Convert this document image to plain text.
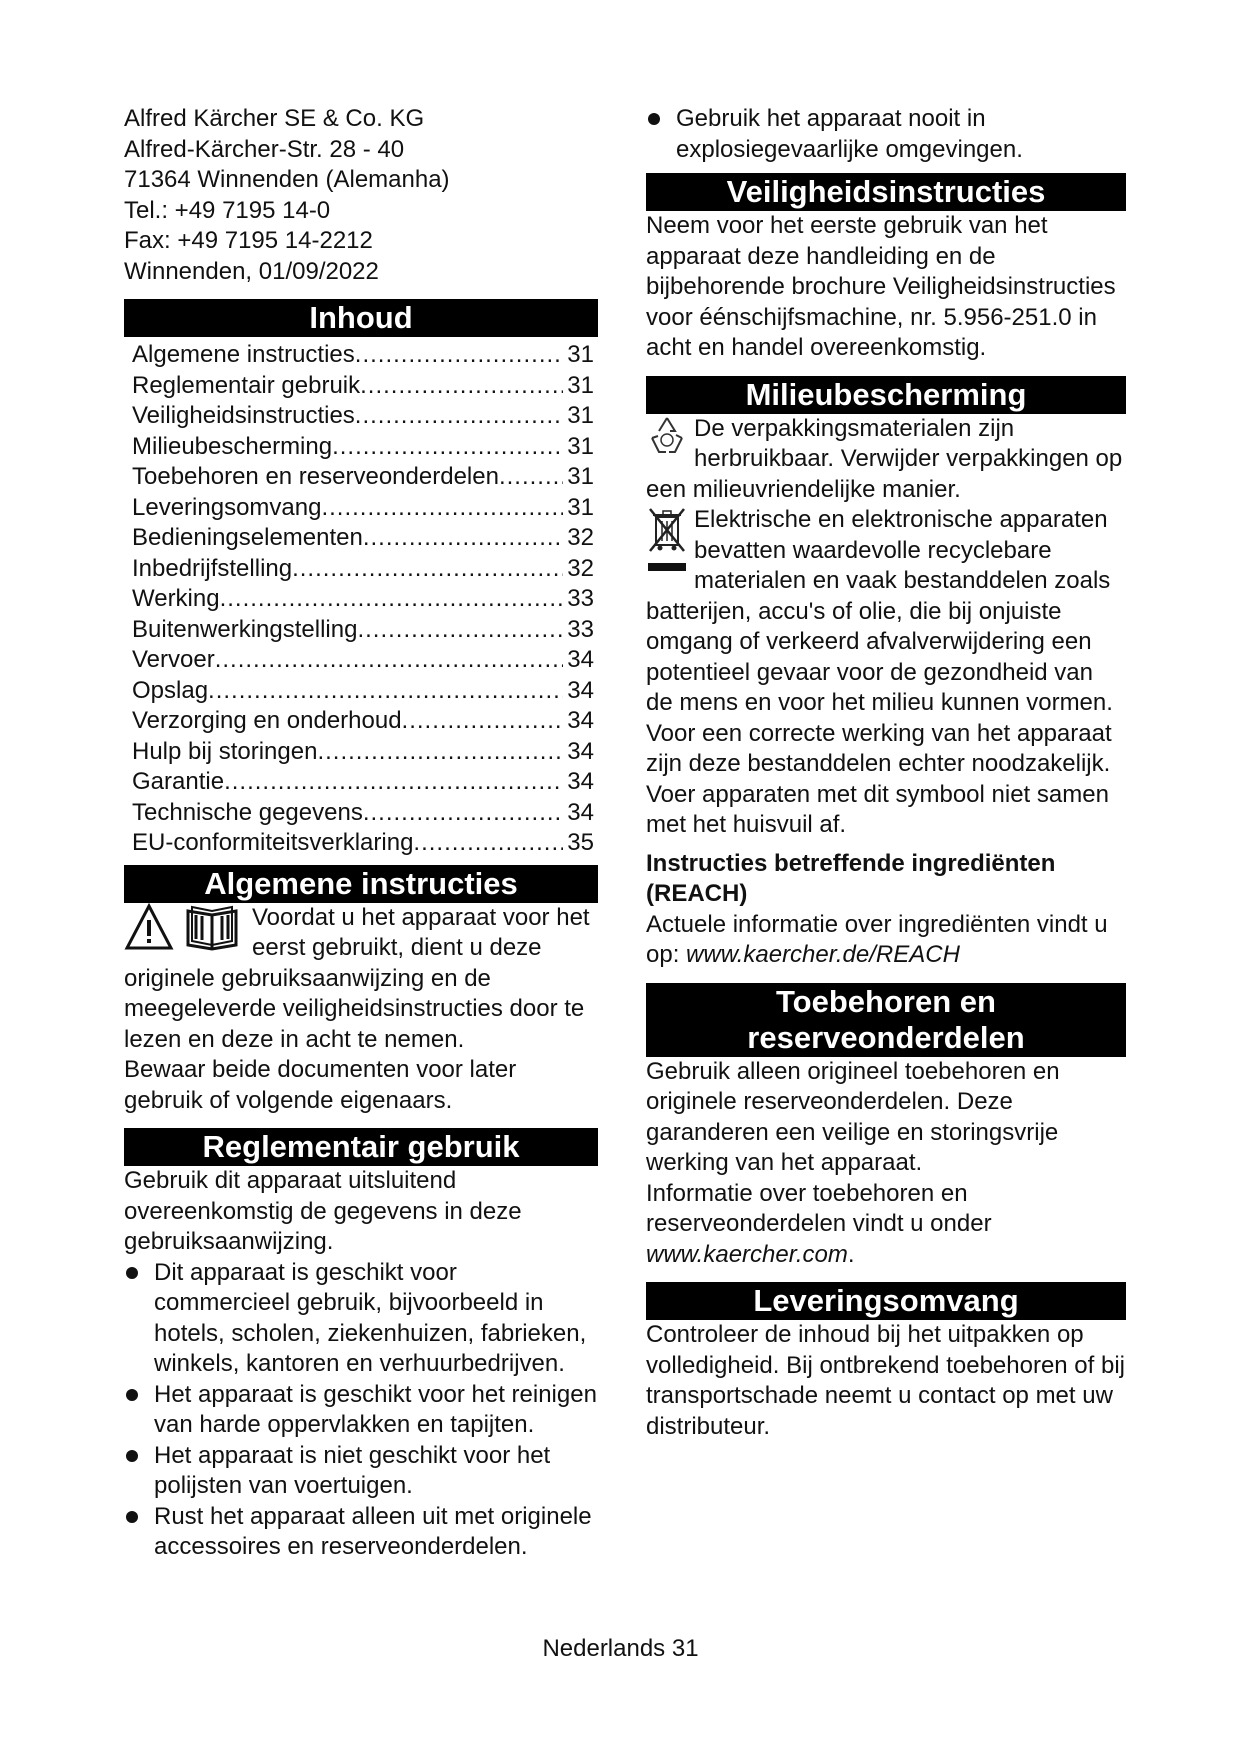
Alfred Kärcher SE & Co. KG

Alfred-Kärcher-Str. 28 - 40

71364 Winnenden (Alemanha)

Tel.: +49 7195 14-0

Fax: +49 7195 14-2212

Winnenden, 01/09/2022

Inhoud
Algemene instructies .....	31
Reglementair gebruik .....	31
Veiligheidsinstructies .....	31
Milieubescherming .....	31
Toebehoren en reserveonderdelen .....	31
Leveringsomvang .....	31
Bedieningselementen .....	32
Inbedrijfstelling .....	32
Werking .....	33
Buitenwerkingstelling .....	33
Vervoer .....	34
Opslag .....	34
Verzorging en onderhoud .....	34
Hulp bij storingen .....	34
Garantie .....	34
Technische gegevens .....	34
EU-conformiteitsverklaring .....	35
Algemene instructies

Voordat u het apparaat voor het eerst gebruikt, dient u deze originele gebruiksaanwijzing en de meegeleverde veiligheidsinstructies door te lezen en deze in acht te nemen.

Bewaar beide documenten voor later gebruik of volgende eigenaars.

Reglementair gebruik

Gebruik dit apparaat uitsluitend overeenkomstig de gegevens in deze gebruiksaanwijzing.

Dit apparaat is geschikt voor commercieel gebruik, bijvoorbeeld in hotels, scholen, ziekenhuizen, fabrieken, winkels, kantoren en verhuurbedrijven.
Het apparaat is geschikt voor het reinigen van harde oppervlakken en tapijten.
Het apparaat is niet geschikt voor het polijsten van voertuigen.
Rust het apparaat alleen uit met originele accessoires en reserveonderdelen.
Gebruik het apparaat nooit in explosiegevaarlijke omgevingen.
Veiligheidsinstructies

Neem voor het eerste gebruik van het apparaat deze handleiding en de bijbehorende brochure Veiligheidsinstructies voor éénschijfsmachine, nr. 5.956-251.0 in acht en handel overeenkomstig.

Milieubescherming

De verpakkingsmaterialen zijn herbruikbaar. Verwijder verpakkingen op een milieuvriendelijke manier.

Elektrische en elektronische apparaten bevatten waardevolle recyclebare materialen en vaak bestanddelen zoals batterijen, accu's of olie, die bij onjuiste omgang of verkeerd afvalverwijdering een potentieel gevaar voor de gezondheid van de mens en voor het milieu kunnen vormen. Voor een correcte werking van het apparaat zijn deze bestanddelen echter noodzakelijk. Voer apparaten met dit symbool niet samen met het huisvuil af.

Instructies betreffende ingrediënten (REACH)

Actuele informatie over ingrediënten vindt u op: www.kaercher.de/REACH

Toebehoren en reserveonderdelen

Gebruik alleen origineel toebehoren en originele reserveonderdelen. Deze garanderen een veilige en storingsvrije werking van het apparaat.

Informatie over toebehoren en reserveonderdelen vindt u onder www.kaercher.com.

Leveringsomvang

Controleer de inhoud bij het uitpakken op volledigheid. Bij ontbrekend toebehoren of bij transportschade neemt u contact op met uw distributeur.

Nederlands 31
